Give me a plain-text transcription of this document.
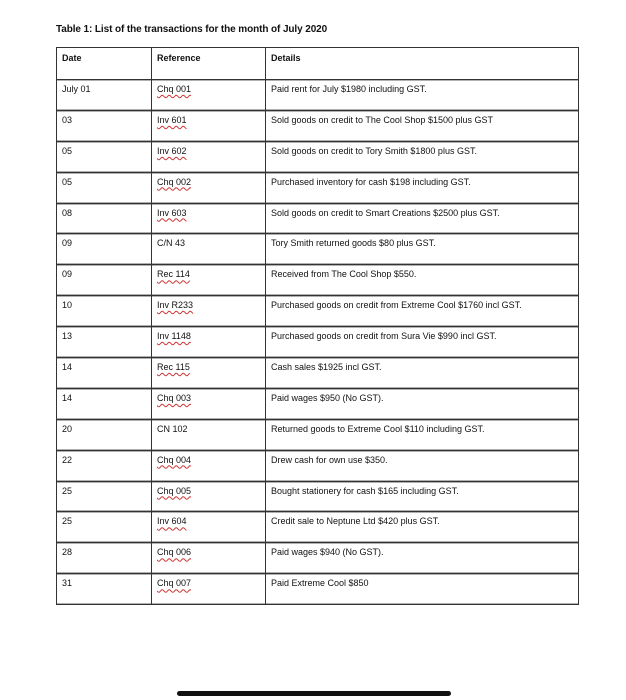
Table 1: List of the transactions for the month of July 2020
Date	Reference	Details
July 01	Chq 001	Paid rent for July $1980 including GST.
03	Inv 601	Sold goods on credit to The Cool Shop $1500 plus GST
05	Inv 602	Sold goods on credit to Tory Smith $1800 plus GST.
05	Chq 002	Purchased inventory for cash $198 including GST.
08	Inv 603	Sold goods on credit to Smart Creations $2500 plus GST.
09	C/N 43	Tory Smith returned goods $80 plus GST.
09	Rec 114	Received from The Cool Shop $550.
10	Inv R233	Purchased goods on credit from Extreme Cool $1760 incl GST.
13	Inv 1148	Purchased goods on credit from Sura Vie $990 incl GST.
14	Rec 115	Cash sales $1925 incl GST.
14	Chq 003	Paid wages $950 (No GST).
20	CN 102	Returned goods to Extreme Cool $110 including GST.
22	Chq 004	Drew cash for own use $350.
25	Chq 005	Bought stationery for cash $165 including GST.
25	Inv 604	Credit sale to Neptune Ltd $420 plus GST.
28	Chq 006	Paid wages $940 (No GST).
31	Chq 007	Paid Extreme Cool $850
